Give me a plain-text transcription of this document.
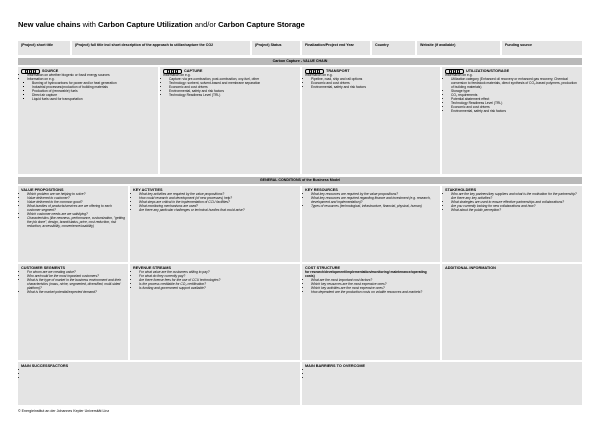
New value chains with Carbon Capture Utilization and/or Carbon Capture Storage
(Project) short title	(Project) full title incl short description of the approach to utilize/capture the CO2	(Project) Status	Finalization/Project end Year	Country	Website (if available)	Funding source
Carbon Capture - VALUE CHAIN
SOURCE
• Information on whether biogenic or fossil energy sources
• Information on e.g.
▪ Burning of hydrocarbons for power and/or heat generation
▪ Industrial processes/production of building materials
▪ Production of (renewable) fuels
▪ Direct air capture
▪ Liquid fuels used for transportation
CAPTURE
Information on e.g.
• Capture: via pre-combustion, post-combustion, oxy-fuel, other
• Technology: sorbent, solvent-based and membrane separation
• Economic and cost drivers
• Environmental, safety and risk factors
• Technology Readiness Level (TRL)
TRANSPORT
Information on e.g.
• Pipeline, road, ship and rail options
• Economic and cost drivers
• Environmental, safety and risk factors
UTILIZATION/STORAGE
Information on e.g.
• Utilization category (Enhanced oil recovery or enhanced gas recovery, Chemical conversion to feedstock materials, direct synthesis of CO₂-based polymers, production of building materials)
• Storage type
• CO₂ requirements
• Potential abatement effect
• Technology Readiness Level (TRL)
• Economic and cost drivers
• Environmental, safety and risk factors
GENERAL CONDITIONS of the Business Model
VALUE PROPOSITIONS
• Which problem are we helping to solve?
• Value delivered to customer?
• Value delivered to the common good?
• What bundles of products/services are we offering to each customer segment?
• Which customer needs are we satisfying?
• Characteristics (like newness, performance, customization, "getting the job done", design, brand/status, price, cost reduction, risk reduction, accessibility, convenience/usability)
KEY ACTIVITIES
• What key activities are required by the value propositions?
• How could research and development (of new processes) help?
• What steps are critical in the implementation of CCU facilities?
• What monitoring mechanisms are used?
• Are there any particular challenges or technical hurdles that could arise?
KEY RESOURCES
• What key resources are required by the value propositions?
• What key resources are required regarding finance and investment (e.g. research, development and implementation)?
• Types of resources (technological, infrastructure, financial, physical, human)
STAKEHOLDERS
• Who are the key partners/key suppliers and what is the motivation for the partnership? Are there any key activities?
• What strategies are used to ensure effective partnerships and collaborations?
• Are you currently looking for new collaborations and how?
• What about the public perception?
CUSTOMER SEGMENTS
• For whom are we creating value?
• Who are/could be the most important customers?
• What is the type of market in the business environment and their characteristics (mass, niche, segmented, diversified, multi-sided platform)?
• What is the market potential/expected demand?
REVENUE STREAMS
• For what value are the customers willing to pay?
• For what do they currently pay?
• Are there license fees for the use of CCU technologies?
• Is the process creditable for CO₂ certification?
• Is funding and government support available?
COST STRUCTURE
for research/development/implementation/monitoring/ maintenance/operating costs)
• What are the most important cost factors?
• Which key resources are the most expensive ones?
• Which key activities are the most expensive ones?
• How dependent are the production costs on volatile resources and markets?
ADDITIONAL INFORMATION
MAIN SUCCESSFACTORS
•
•
•	MAIN BARRIERS TO OVERCOME
•
•
•
© Energieinstitut an der Johannes Kepler Universität Linz
